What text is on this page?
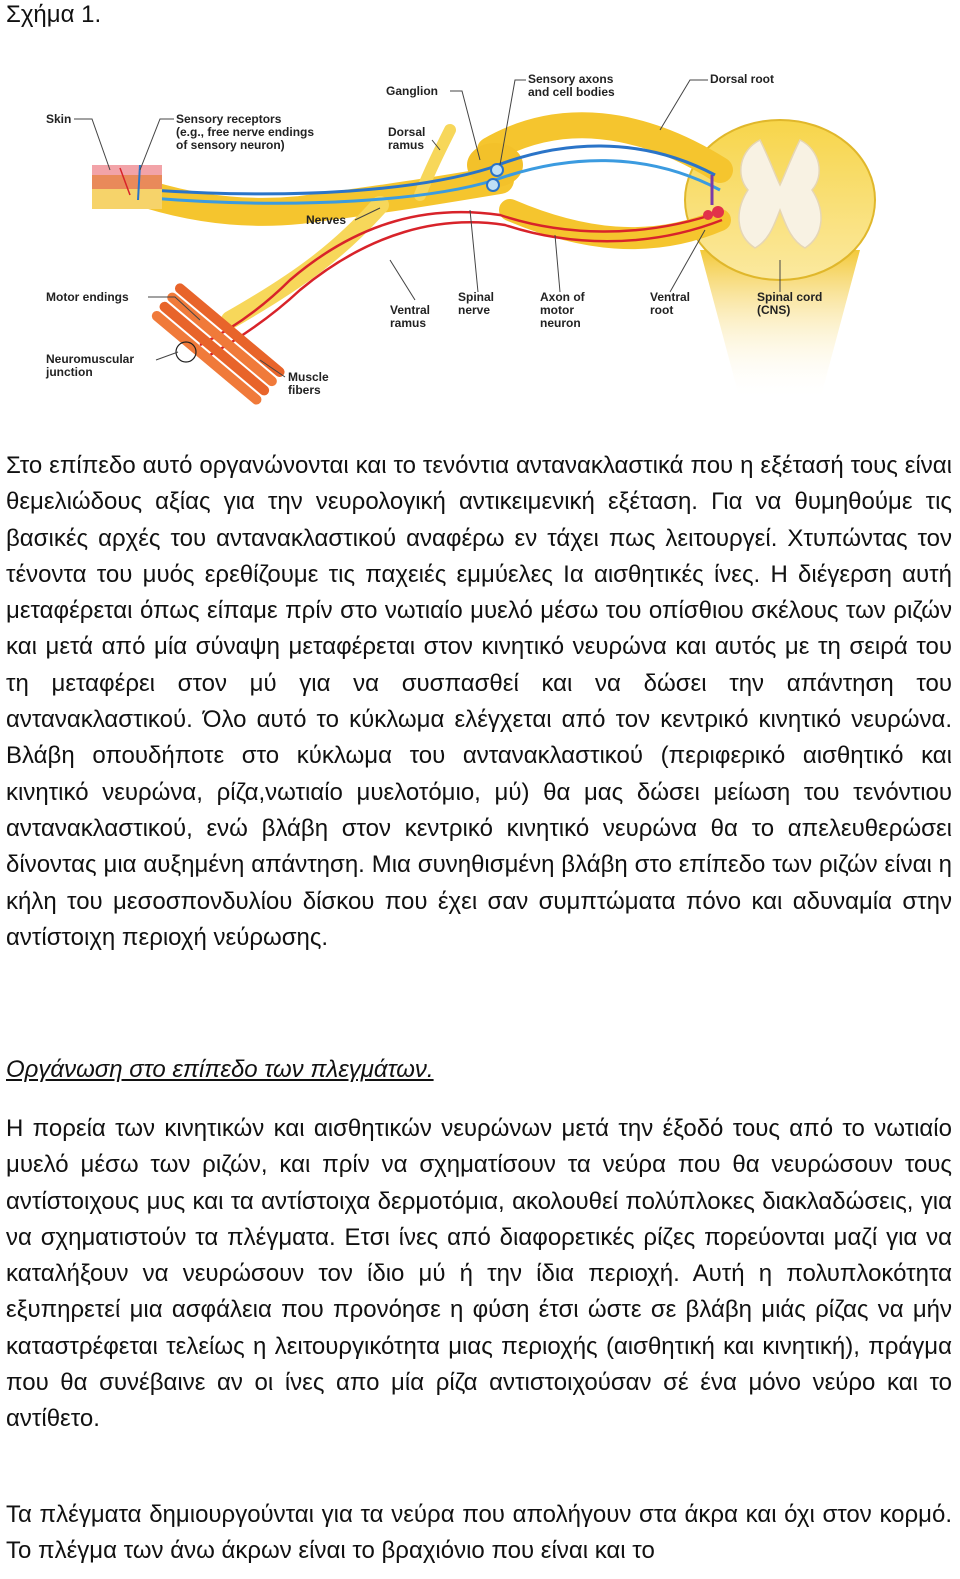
Σχήμα 1.
Skin	Sensory receptors (e.g., free nerve endings of sensory neuron)
Ganglion
Sensory axons and cell bodies
Dorsal root
Dorsal ramus
Nerves
Motor endings
Ventral ramus
Spinal nerve
Axon of motor neuron
Ventral root
Spinal cord (CNS)
Neuromuscular junction	Muscle fibers

Στο επίπεδο αυτό οργανώνονται και το τενόντια αντανακλαστικά που η εξέτασή τους είναι θεμελιώδους αξίας για την νευρολογική αντικειμενική εξέταση. Για να θυμηθούμε τις βασικές αρχές του αντανακλαστικού αναφέρω εν τάχει πως λειτουργεί. Χτυπώντας τον τένοντα του μυός ερεθίζουμε τις παχειές εμμύελες Ια αισθητικές ίνες. Η διέγερση αυτή μεταφέρεται όπως είπαμε πρίν στο νωτιαίο μυελό μέσω του οπίσθιου σκέλους των ριζών και μετά από μία σύναψη μεταφέρεται στον κινητικό νευρώνα και αυτός με τη σειρά του τη μεταφέρει στον μύ για να συσπασθεί και να δώσει την απάντηση του αντανακλαστικού. Όλο αυτό το κύκλωμα ελέγχεται από τον κεντρικό κινητικό νευρώνα. Βλάβη οπουδήποτε στο κύκλωμα του αντανακλαστικού (περιφερικό αισθητικό και κινητικό νευρώνα, ρίζα,νωτιαίο μυελοτόμιο, μύ) θα μας δώσει μείωση του τενόντιου αντανακλαστικού, ενώ βλάβη στον κεντρικό κινητικό νευρώνα θα το απελευθερώσει δίνοντας μια αυξημένη απάντηση. Μια συνηθισμένη βλάβη στο επίπεδο των ριζών είναι η κήλη του μεσοσπονδυλίου δίσκου που έχει σαν συμπτώματα πόνο και αδυναμία στην αντίστοιχη περιοχή νεύρωσης.

Οργάνωση στο επίπεδο των πλεγμάτων.

Η πορεία των κινητικών και αισθητικών νευρώνων μετά την έξοδό τους από το νωτιαίο μυελό μέσω των ριζών, και πρίν να σχηματίσουν τα νεύρα που θα νευρώσουν τους αντίστοιχους μυς και τα αντίστοιχα δερμοτόμια, ακολουθεί πολύπλοκες διακλαδώσεις, για να σχηματιστούν τα πλέγματα. Ετσι ίνες από διαφορετικές ρίζες πορεύονται μαζί για να καταλήξουν να νευρώσουν τον ίδιο μύ ή την ίδια περιοχή. Αυτή η πολυπλοκότητα εξυπηρετεί μια ασφάλεια που προνόησε η φύση έτσι ώστε σε βλάβη μιάς ρίζας να μήν καταστρέφεται τελείως η λειτουργικότητα μιας περιοχής (αισθητική και κινητική), πράγμα που θα συνέβαινε αν οι ίνες απο μία ρίζα αντιστοιχούσαν σέ ένα μόνο νεύρο και το αντίθετο.

Τα πλέγματα δημιουργούνται για τα νεύρα που απολήγουν στα άκρα και όχι στον κορμό. Το πλέγμα των άνω άκρων είναι το βραχιόνιο που είναι και το
